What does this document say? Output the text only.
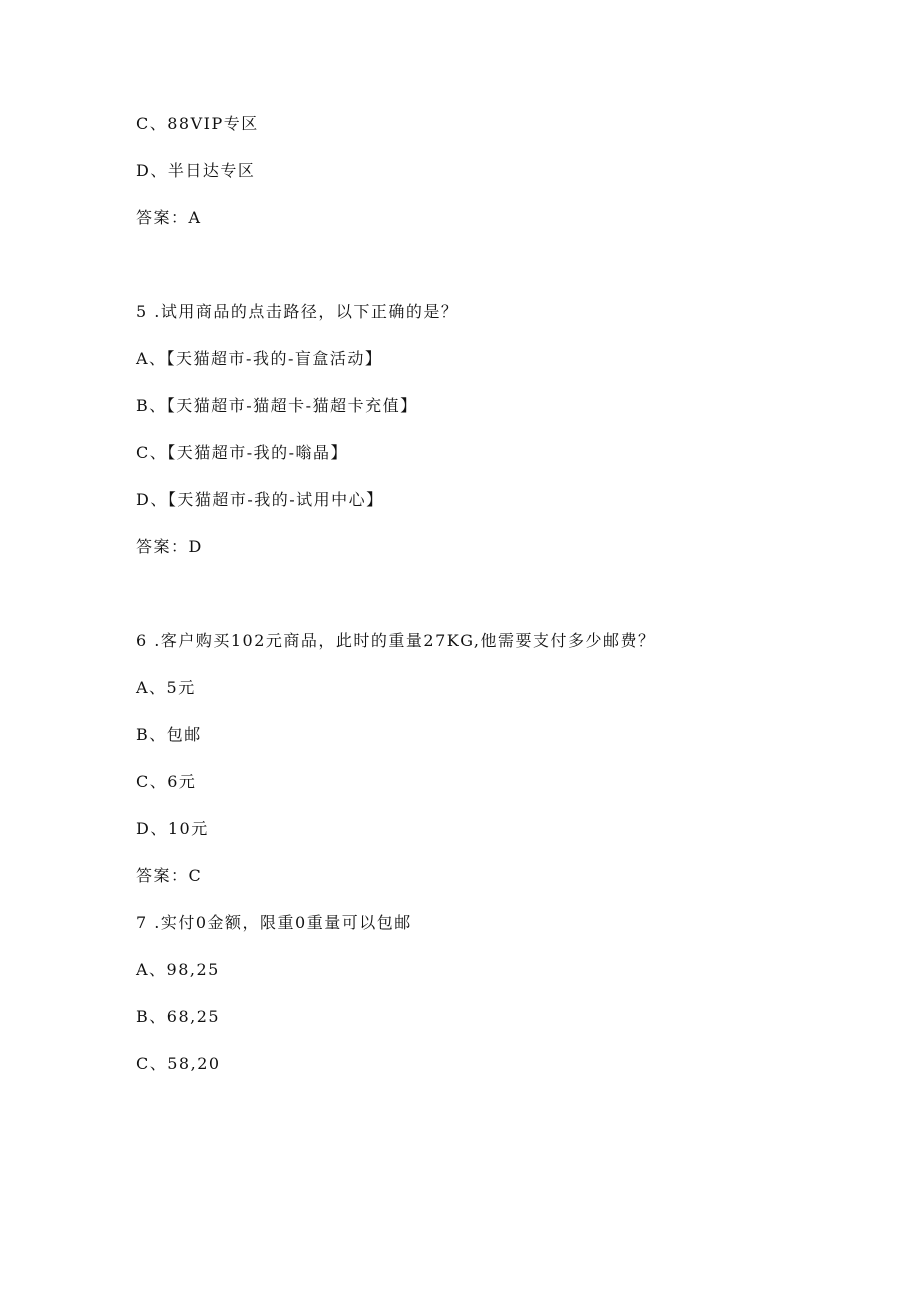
C、88VIP专区
D、半日达专区
答案：A
5 .试用商品的点击路径，以下正确的是？
A、【天猫超市-我的-盲盒活动】
B、【天猫超市-猫超卡-猫超卡充值】
C、【天猫超市-我的-嗡晶】
D、【天猫超市-我的-试用中心】
答案：D
6 .客户购买102元商品，此时的重量27KG,他需要支付多少邮费？
A、5元
B、包邮
C、6元
D、10元
答案：C
7 .实付0金额，限重0重量可以包邮
A、98,25
B、68,25
C、58,20
